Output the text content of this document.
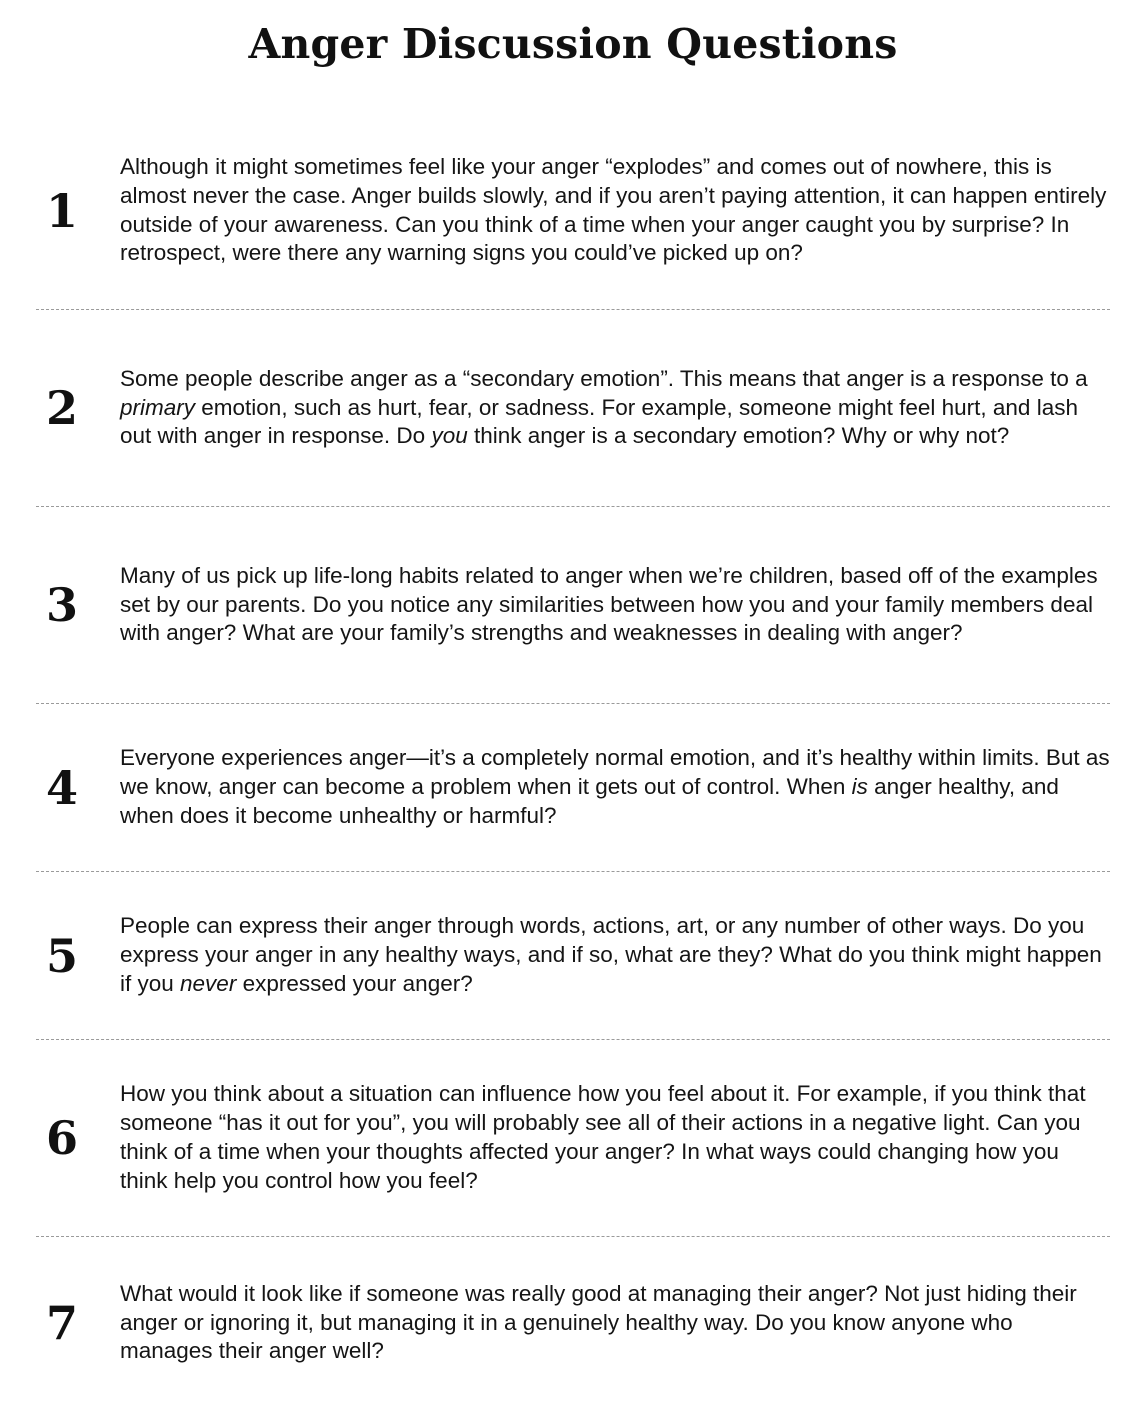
Anger Discussion Questions
1

Although it might sometimes feel like your anger “explodes” and comes out of nowhere, this is almost never the case. Anger builds slowly, and if you aren’t paying attention, it can happen entirely outside of your awareness. Can you think of a time when your anger caught you by surprise? In retrospect, were there any warning signs you could’ve picked up on?

2

Some people describe anger as a “secondary emotion”. This means that anger is a response to a primary emotion, such as hurt, fear, or sadness. For example, someone might feel hurt, and lash out with anger in response. Do you think anger is a secondary emotion? Why or why not?

3

Many of us pick up life-long habits related to anger when we’re children, based off of the examples set by our parents. Do you notice any similarities between how you and your family members deal with anger? What are your family’s strengths and weaknesses in dealing with anger?

4

Everyone experiences anger—it’s a completely normal emotion, and it’s healthy within limits. But as we know, anger can become a problem when it gets out of control. When is anger healthy, and when does it become unhealthy or harmful?

5

People can express their anger through words, actions, art, or any number of other ways. Do you express your anger in any healthy ways, and if so, what are they? What do you think might happen if you never expressed your anger?

6

How you think about a situation can influence how you feel about it. For example, if you think that someone “has it out for you”, you will probably see all of their actions in a negative light. Can you think of a time when your thoughts affected your anger? In what ways could changing how you think help you control how you feel?

7

What would it look like if someone was really good at managing their anger? Not just hiding their anger or ignoring it, but managing it in a genuinely healthy way. Do you know anyone who manages their anger well?
